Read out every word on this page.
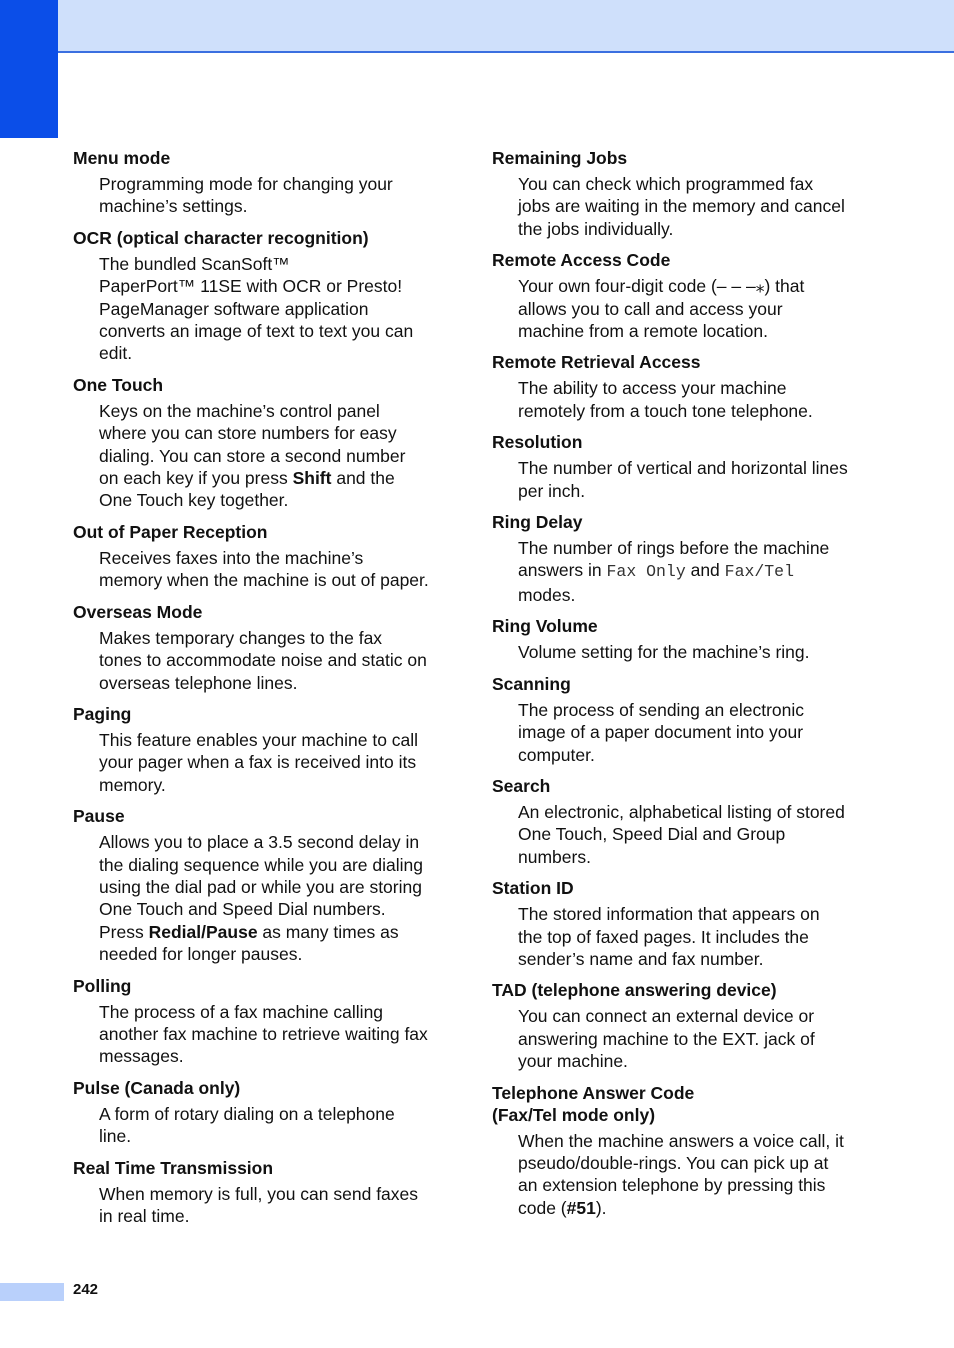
Menu mode
Programming mode for changing your
machine’s settings.
OCR (optical character recognition)
The bundled ScanSoft™
PaperPort™ 11SE with OCR or Presto!
PageManager software application
converts an image of text to text you can
edit.
One Touch
Keys on the machine’s control panel
where you can store numbers for easy
dialing. You can store a second number
on each key if you press Shift and the
One Touch key together.
Out of Paper Reception
Receives faxes into the machine’s
memory when the machine is out of paper.
Overseas Mode
Makes temporary changes to the fax
tones to accommodate noise and static on
overseas telephone lines.
Paging
This feature enables your machine to call
your pager when a fax is received into its
memory.
Pause
Allows you to place a 3.5 second delay in
the dialing sequence while you are dialing
using the dial pad or while you are storing
One Touch and Speed Dial numbers.
Press Redial/Pause as many times as
needed for longer pauses.
Polling
The process of a fax machine calling
another fax machine to retrieve waiting fax
messages.
Pulse (Canada only)
A form of rotary dialing on a telephone
line.
Real Time Transmission
When memory is full, you can send faxes
in real time.
Remaining Jobs
You can check which programmed fax
jobs are waiting in the memory and cancel
the jobs individually.
Remote Access Code
Your own four-digit code (– – –⁎) that
allows you to call and access your
machine from a remote location.
Remote Retrieval Access
The ability to access your machine
remotely from a touch tone telephone.
Resolution
The number of vertical and horizontal lines
per inch.
Ring Delay
The number of rings before the machine
answers in Fax Only and Fax/Tel
modes.
Ring Volume
Volume setting for the machine’s ring.
Scanning
The process of sending an electronic
image of a paper document into your
computer.
Search
An electronic, alphabetical listing of stored
One Touch, Speed Dial and Group
numbers.
Station ID
The stored information that appears on
the top of faxed pages. It includes the
sender’s name and fax number.
TAD (telephone answering device)
You can connect an external device or
answering machine to the EXT. jack of
your machine.
Telephone Answer Code
(Fax/Tel mode only)
When the machine answers a voice call, it
pseudo/double-rings. You can pick up at
an extension telephone by pressing this
code (#51).
242
